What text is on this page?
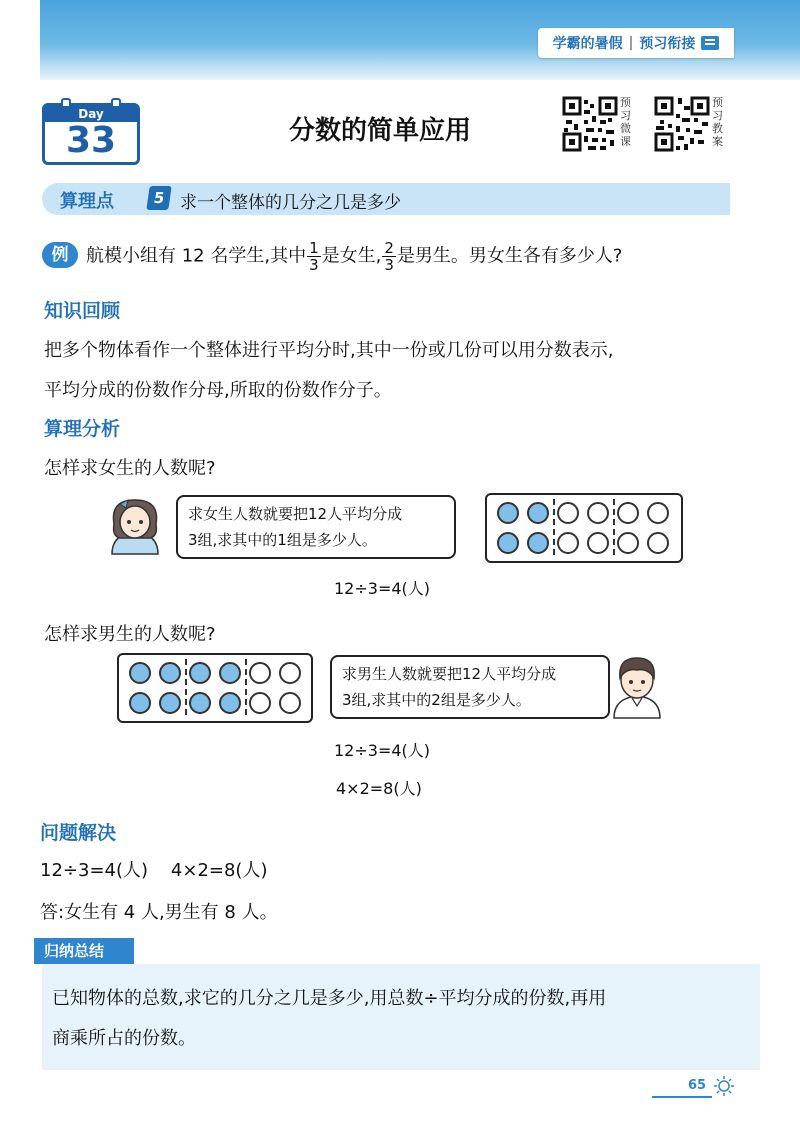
学霸的暑假 | 预习衔接
Day
33	分数的简单应用
预习微课
预习教案
算理点	5 求一个整体的几分之几是多少
例 航模小组有 12 名学生,其中 $\frac{1}{3}$ 是女生, $\frac{2}{3}$ 是男生。男女生各有多少人?
知识回顾
把多个物体看作一个整体进行平均分时,其中一份或几份可以用分数表示,
平均分成的份数作分母,所取的份数作分子。
算理分析
怎样求女生的人数呢?
求女生人数就要把12人平均分成
3组,求其中的1组是多少人。
12÷3=4(人)
怎样求男生的人数呢?
求男生人数就要把12人平均分成
3组,求其中的2组是多少人。
12÷3=4(人)
4×2=8(人)
问题解决
12÷3=4(人)    4×2=8(人)
答:女生有 4 人,男生有 8 人。

已知物体的总数,求它的几分之几是多少,用总数÷平均分成的份数,再用

商乘所占的份数。

归纳总结
65
